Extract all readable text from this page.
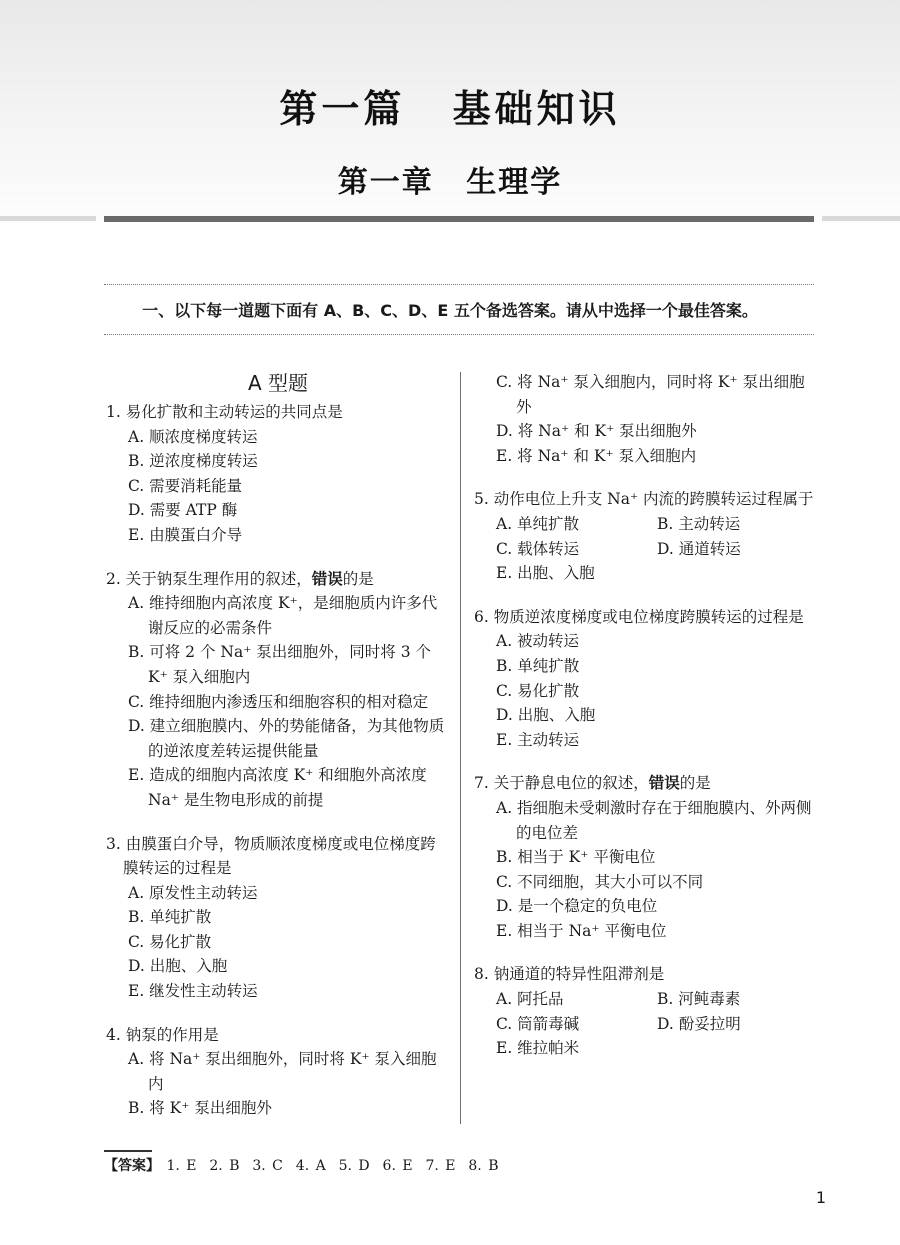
第一篇 基础知识
第一章 生理学
一、以下每一道题下面有 A、B、C、D、E 五个备选答案。请从中选择一个最佳答案。
A 型题
1. 易化扩散和主动转运的共同点是
A. 顺浓度梯度转运
B. 逆浓度梯度转运
C. 需要消耗能量
D. 需要 ATP 酶
E. 由膜蛋白介导
2. 关于钠泵生理作用的叙述，错误的是
A. 维持细胞内高浓度 K⁺，是细胞质内许多代谢反应的必需条件
B. 可将 2 个 Na⁺ 泵出细胞外，同时将 3 个 K⁺ 泵入细胞内
C. 维持细胞内渗透压和细胞容积的相对稳定
D. 建立细胞膜内、外的势能储备，为其他物质的逆浓度差转运提供能量
E. 造成的细胞内高浓度 K⁺ 和细胞外高浓度 Na⁺ 是生物电形成的前提
3. 由膜蛋白介导，物质顺浓度梯度或电位梯度跨膜转运的过程是
A. 原发性主动转运
B. 单纯扩散
C. 易化扩散
D. 出胞、入胞
E. 继发性主动转运
4. 钠泵的作用是
A. 将 Na⁺ 泵出细胞外，同时将 K⁺ 泵入细胞内
B. 将 K⁺ 泵出细胞外
C. 将 Na⁺ 泵入细胞内，同时将 K⁺ 泵出细胞外
D. 将 Na⁺ 和 K⁺ 泵出细胞外
E. 将 Na⁺ 和 K⁺ 泵入细胞内
5. 动作电位上升支 Na⁺ 内流的跨膜转运过程属于
A. 单纯扩散	B. 主动转运
C. 载体转运	D. 通道转运
E. 出胞、入胞
6. 物质逆浓度梯度或电位梯度跨膜转运的过程是
A. 被动转运
B. 单纯扩散
C. 易化扩散
D. 出胞、入胞
E. 主动转运
7. 关于静息电位的叙述，错误的是
A. 指细胞未受刺激时存在于细胞膜内、外两侧的电位差
B. 相当于 K⁺ 平衡电位
C. 不同细胞，其大小可以不同
D. 是一个稳定的负电位
E. 相当于 Na⁺ 平衡电位
8. 钠通道的特异性阻滞剂是
A. 阿托品	B. 河鲀毒素
C. 筒箭毒碱	D. 酚妥拉明
E. 维拉帕米
【答案】 1. E  2. B  3. C  4. A  5. D  6. E  7. E  8. B
1
